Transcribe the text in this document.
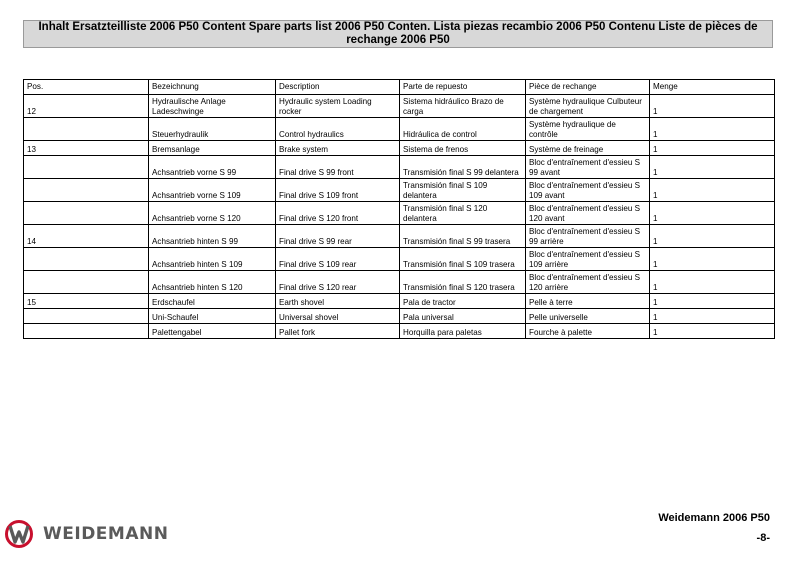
Inhalt Ersatzteilliste 2006 P50 Content Spare parts list 2006 P50 Conten. Lista piezas recambio 2006 P50 Contenu Liste de pièces de rechange 2006 P50
Pos.	Bezeichnung	Description	Parte de repuesto	Pièce de rechange	Menge
12	Hydraulische Anlage Ladeschwinge	Hydraulic system Loading rocker	Sistema hidráulico Brazo de carga	Système hydraulique Culbuteur de chargement	1
	Steuerhydraulik	Control hydraulics	Hidráulica de control	Système hydraulique de contrôle	1
13	Bremsanlage	Brake system	Sistema de frenos	Système de freinage	1
	Achsantrieb vorne S 99	Final drive S 99 front	Transmisión final S 99 delantera	Bloc d'entraînement d'essieu S 99 avant	1
	Achsantrieb vorne S 109	Final drive S 109 front	Transmisión final S 109 delantera	Bloc d'entraînement d'essieu S 109 avant	1
	Achsantrieb vorne S 120	Final drive S 120 front	Transmisión final S 120 delantera	Bloc d'entraînement d'essieu S 120 avant	1
14	Achsantrieb hinten S 99	Final drive S 99 rear	Transmisión final S 99 trasera	Bloc d'entraînement d'essieu S 99 arrière	1
	Achsantrieb hinten S 109	Final drive S 109 rear	Transmisión final S 109 trasera	Bloc d'entraînement d'essieu S 109 arrière	1
	Achsantrieb hinten S 120	Final drive S 120 rear	Transmisión final S 120 trasera	Bloc d'entraînement d'essieu S 120 arrière	1
15	Erdschaufel	Earth shovel	Pala de tractor	Pelle à terre	1
	Uni-Schaufel	Universal shovel	Pala universal	Pelle universelle	1
	Palettengabel	Pallet fork	Horquilla para paletas	Fourche à palette	1
Weidemann 2006 P50
-8-
WEIDEMANN
